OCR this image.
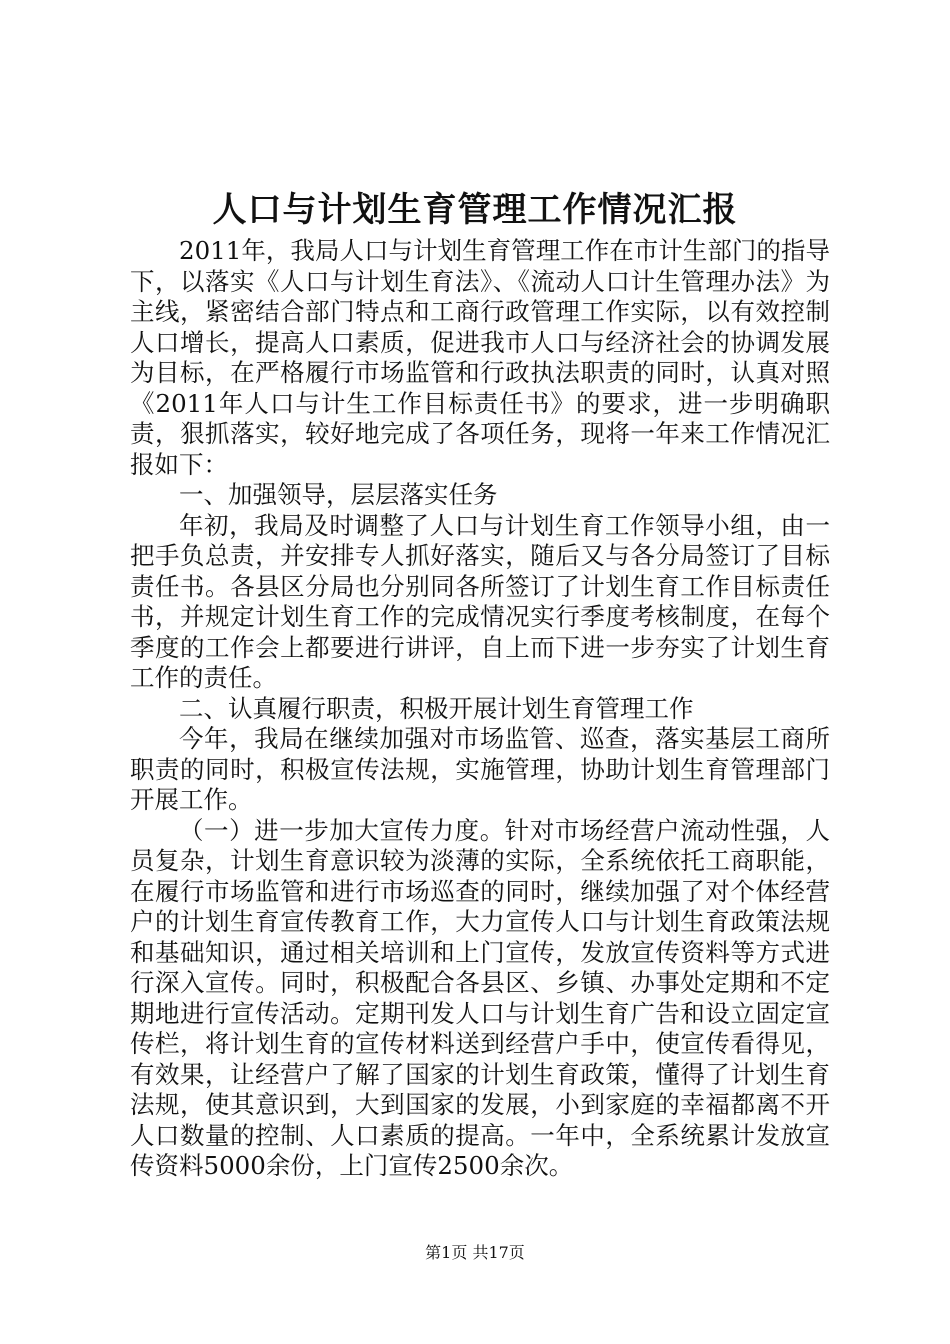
人口与计划生育管理工作情况汇报

2011年，我局人口与计划生育管理工作在市计生部门的指导下，以落实《人口与计划生育法》、《流动人口计生管理办法》为主线，紧密结合部门特点和工商行政管理工作实际，以有效控制人口增长，提高人口素质，促进我市人口与经济社会的协调发展为目标，在严格履行市场监管和行政执法职责的同时，认真对照《2011年人口与计生工作目标责任书》的要求，进一步明确职责，狠抓落实，较好地完成了各项任务，现将一年来工作情况汇报如下：

一、加强领导，层层落实任务

年初，我局及时调整了人口与计划生育工作领导小组，由一把手负总责，并安排专人抓好落实，随后又与各分局签订了目标责任书。各县区分局也分别同各所签订了计划生育工作目标责任书，并规定计划生育工作的完成情况实行季度考核制度，在每个季度的工作会上都要进行讲评，自上而下进一步夯实了计划生育工作的责任。

二、认真履行职责，积极开展计划生育管理工作

今年，我局在继续加强对市场监管、巡查，落实基层工商所职责的同时，积极宣传法规，实施管理，协助计划生育管理部门开展工作。

（一）进一步加大宣传力度。针对市场经营户流动性强，人员复杂，计划生育意识较为淡薄的实际，全系统依托工商职能，在履行市场监管和进行市场巡查的同时，继续加强了对个体经营户的计划生育宣传教育工作，大力宣传人口与计划生育政策法规和基础知识，通过相关培训和上门宣传，发放宣传资料等方式进行深入宣传。同时，积极配合各县区、乡镇、办事处定期和不定期地进行宣传活动。定期刊发人口与计划生育广告和设立固定宣传栏，将计划生育的宣传材料送到经营户手中，使宣传看得见，有效果，让经营户了解了国家的计划生育政策，懂得了计划生育法规，使其意识到，大到国家的发展，小到家庭的幸福都离不开人口数量的控制、人口素质的提高。一年中，全系统累计发放宣传资料5000余份，上门宣传2500余次。

第1页 共17页
